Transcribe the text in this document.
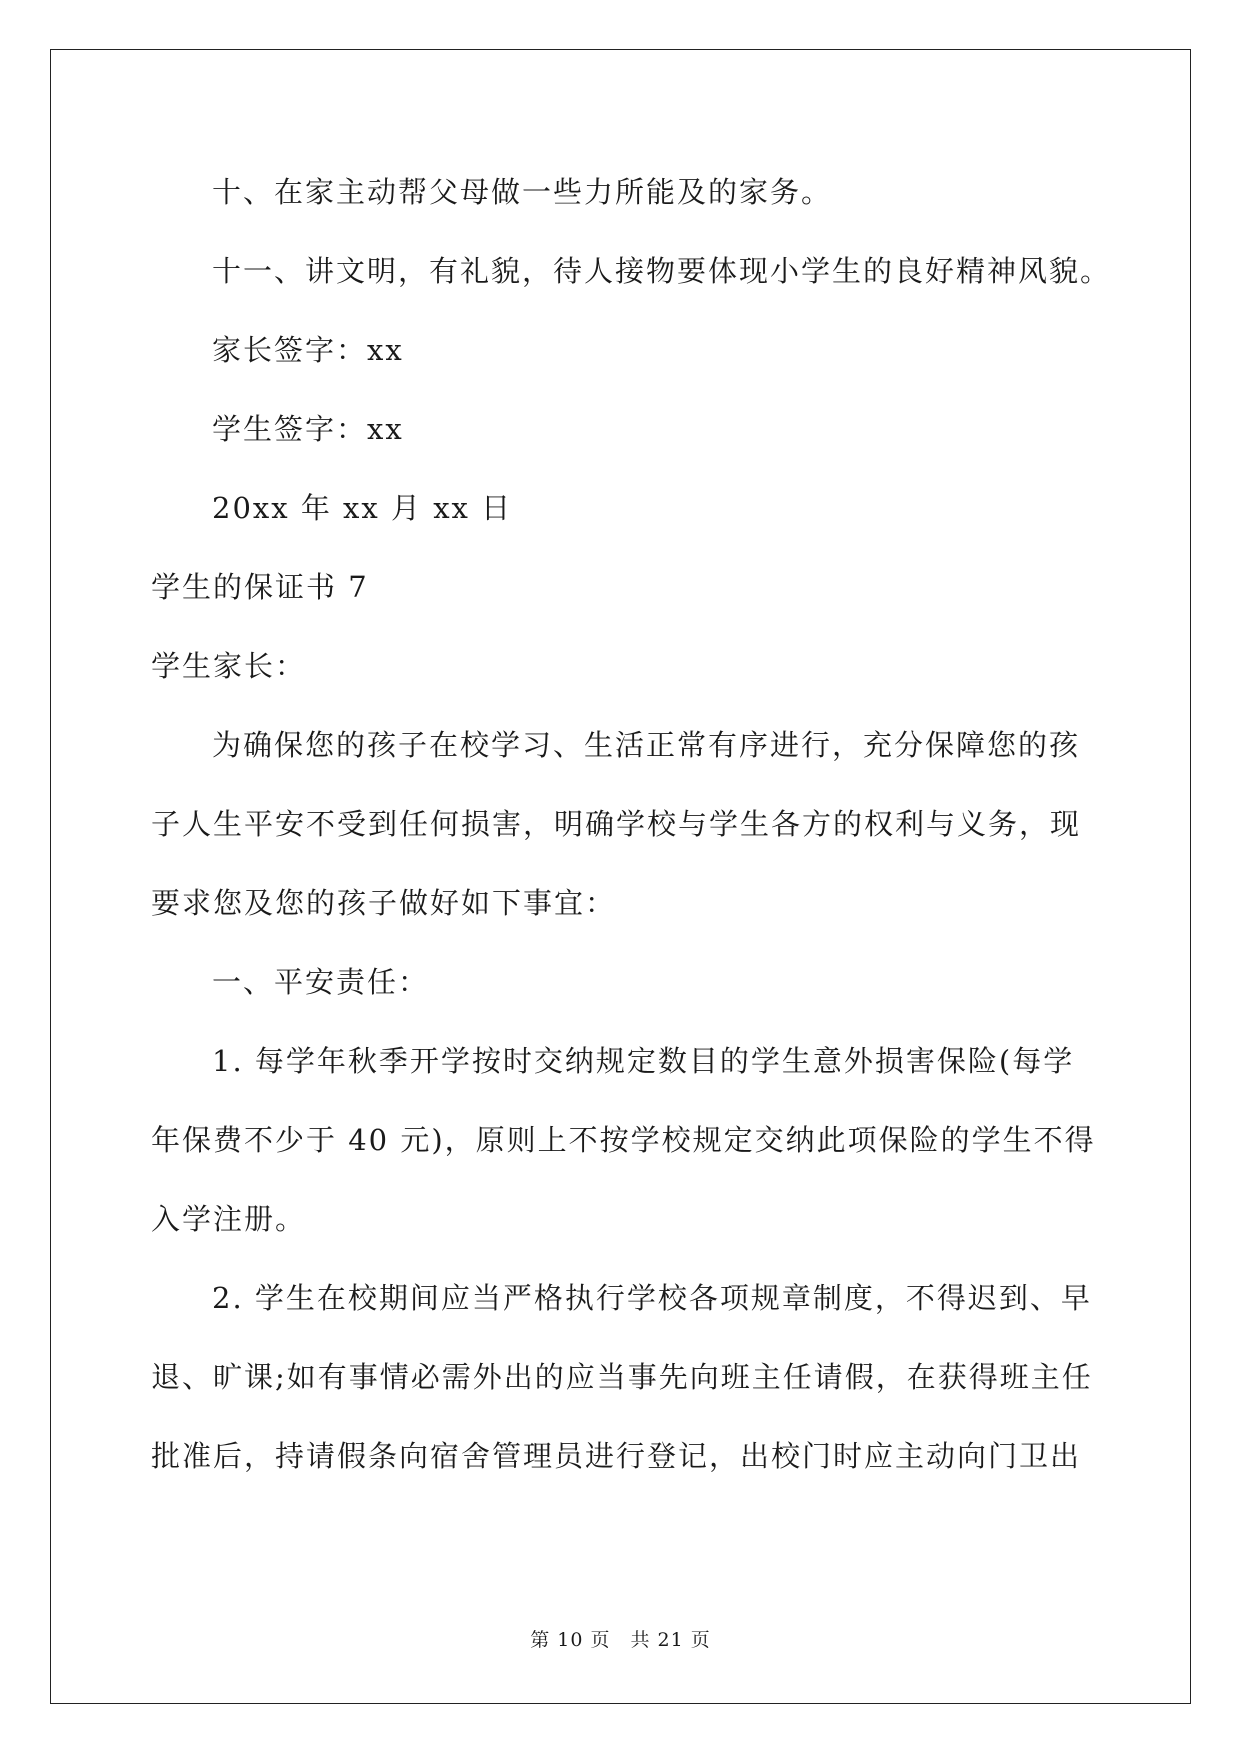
十、在家主动帮父母做一些力所能及的家务。
十一、讲文明，有礼貌，待人接物要体现小学生的良好精神风貌。
家长签字：xx
学生签字：xx
20xx 年 xx 月 xx 日
学生的保证书 7
学生家长：
为确保您的孩子在校学习、生活正常有序进行，充分保障您的孩
子人生平安不受到任何损害，明确学校与学生各方的权利与义务，现
要求您及您的孩子做好如下事宜：
一、平安责任：
1. 每学年秋季开学按时交纳规定数目的学生意外损害保险(每学
年保费不少于 40 元)，原则上不按学校规定交纳此项保险的学生不得
入学注册。
2. 学生在校期间应当严格执行学校各项规章制度，不得迟到、早
退、旷课;如有事情必需外出的应当事先向班主任请假，在获得班主任
批准后，持请假条向宿舍管理员进行登记，出校门时应主动向门卫出
第 10 页　共 21 页
